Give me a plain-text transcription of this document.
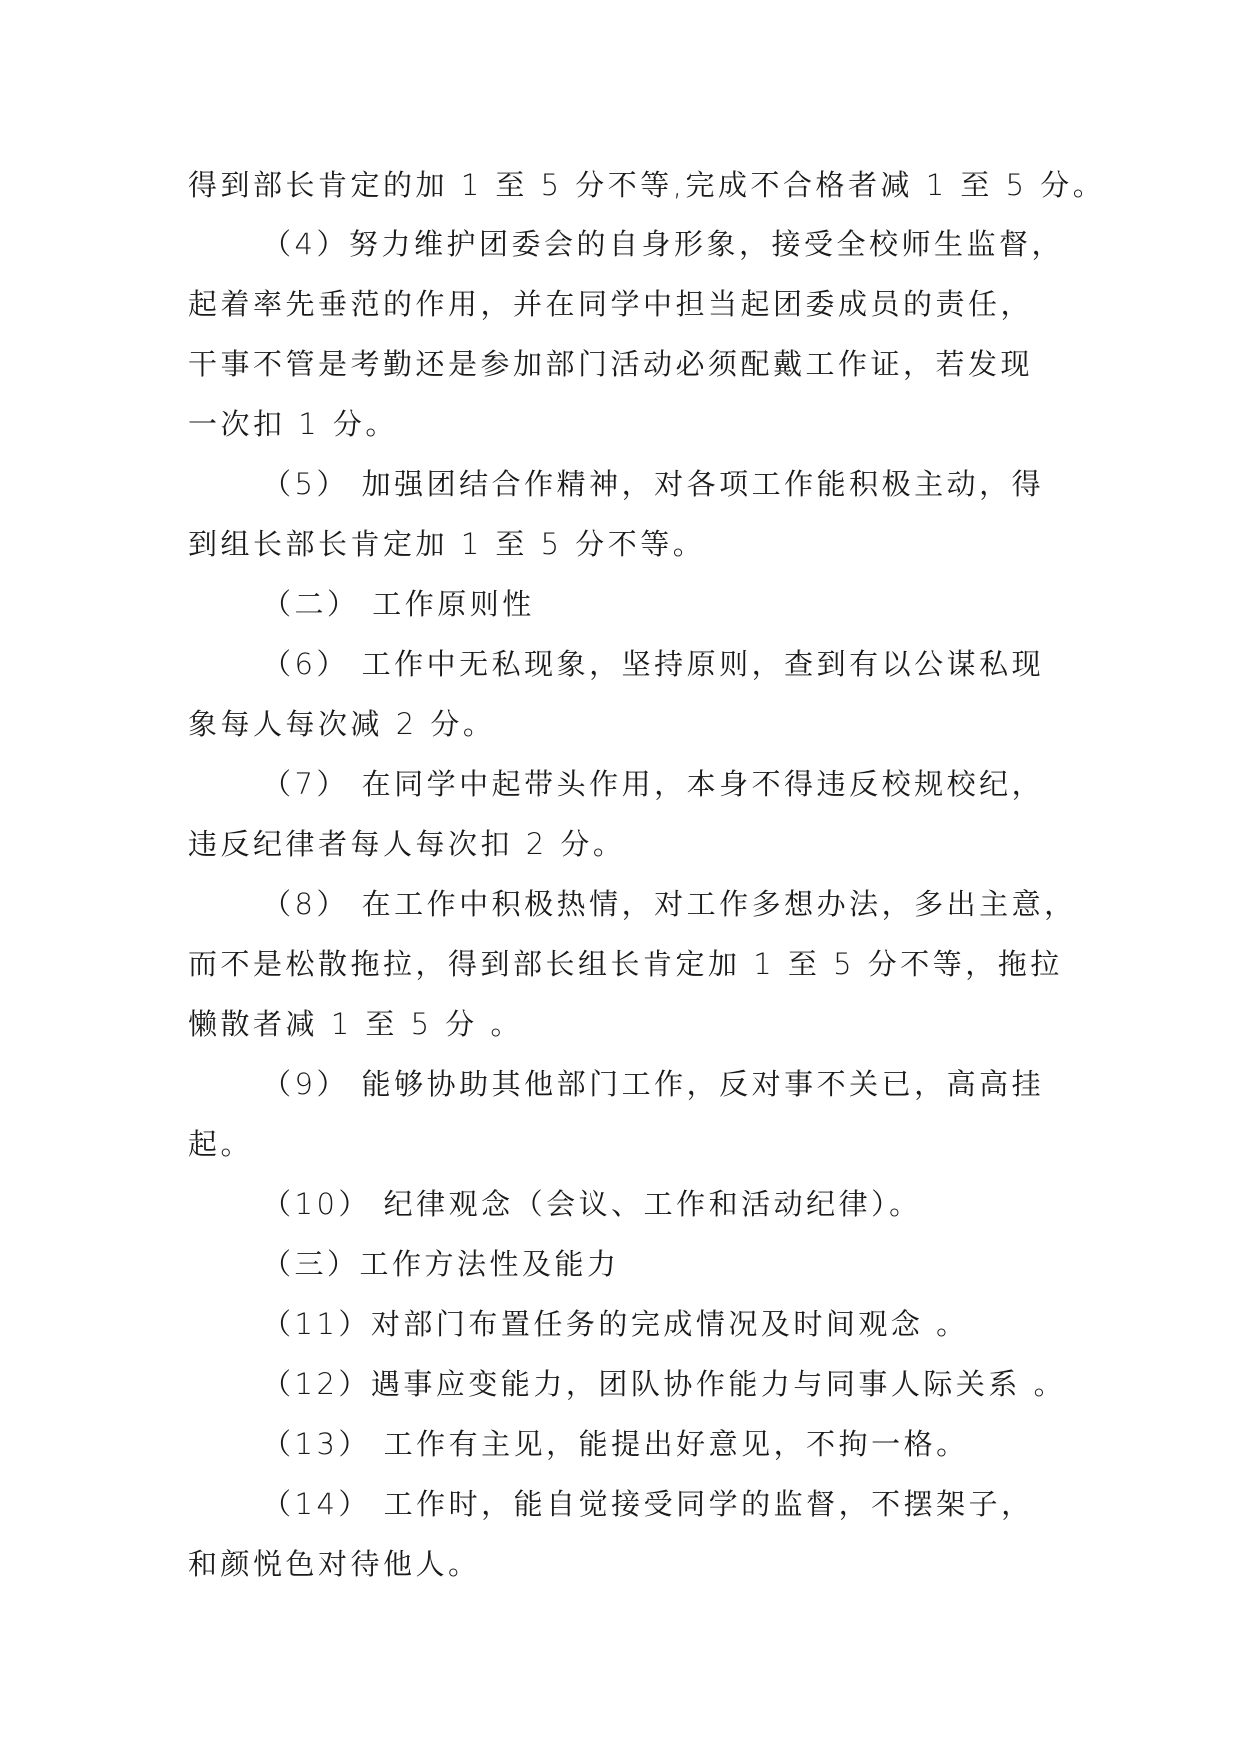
得到部长肯定的加 1 至 5 分不等,完成不合格者减 1 至 5 分。
（4）努力维护团委会的自身形象，接受全校师生监督，
起着率先垂范的作用，并在同学中担当起团委成员的责任，
干事不管是考勤还是参加部门活动必须配戴工作证，若发现
一次扣 1 分。
（5） 加强团结合作精神，对各项工作能积极主动，得
到组长部长肯定加 1 至 5 分不等。
（二） 工作原则性
（6） 工作中无私现象，坚持原则，查到有以公谋私现
象每人每次减 2 分。
（7） 在同学中起带头作用，本身不得违反校规校纪，
违反纪律者每人每次扣 2 分。
（8） 在工作中积极热情，对工作多想办法，多出主意，
而不是松散拖拉，得到部长组长肯定加 1 至 5 分不等，拖拉
懒散者减 1 至 5 分 。
（9） 能够协助其他部门工作，反对事不关已，高高挂
起。
（10） 纪律观念（会议、工作和活动纪律）。
（三）工作方法性及能力
（11）对部门布置任务的完成情况及时间观念 。
（12）遇事应变能力，团队协作能力与同事人际关系 。
（13） 工作有主见，能提出好意见，不拘一格。
（14） 工作时，能自觉接受同学的监督，不摆架子，
和颜悦色对待他人。
